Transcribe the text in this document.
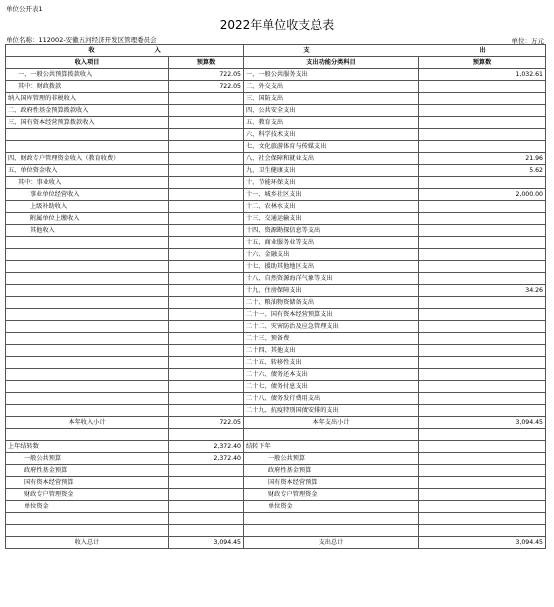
单位公开表1
2022年单位收支总表
单位名称：112002-安徽五河经济开发区管理委员会	单位：万元
收 入		支 出	
收入项目	预算数	支出功能分类科目	预算数
一、一般公共预算拨款收入	722.05	一、一般公共服务支出	1,032.61
其中：财政拨款	722.05	二、外交支出	
纳入国库管理的非税收入		三、国防支出	
二、政府性基金预算拨款收入		四、公共安全支出	
三、国有资本经营预算拨款收入		五、教育支出	
		六、科学技术支出	
		七、文化旅游体育与传媒支出	
四、财政专户管理资金收入（教育收费）		八、社会保障和就业支出	21.96
五、单位资金收入		九、卫生健康支出	5.62
其中：事业收入		十、节能环保支出	
事业单位经营收入		十一、城乡社区支出	2,000.00
上级补助收入		十二、农林水支出	
附属单位上缴收入		十三、交通运输支出	
其他收入		十四、资源勘探信息等支出	
		十五、商业服务业等支出	
		十六、金融支出	
		十七、援助其他地区支出	
		十八、自然资源海洋气象等支出	
		十九、住房保障支出	34.26
		二十、粮油物资储备支出	
		二十一、国有资本经营预算支出	
		二十二、灾害防治及应急管理支出	
		二十三、预备费	
		二十四、其他支出	
		二十五、转移性支出	
		二十六、债务还本支出	
		二十七、债务付息支出	
		二十八、债务发行费用支出	
		二十九、抗疫特别国债安排的支出	
本年收入小计	722.05	本年支出小计	3,094.45

上年结转数	2,372.40	结转下年	
一般公共预算	2,372.40	一般公共预算	
政府性基金预算		政府性基金预算	
国有资本经营预算		国有资本经营预算	
财政专户管理资金		财政专户管理资金	
单位资金		单位资金	

收入总计	3,094.45	支出总计	3,094.45
